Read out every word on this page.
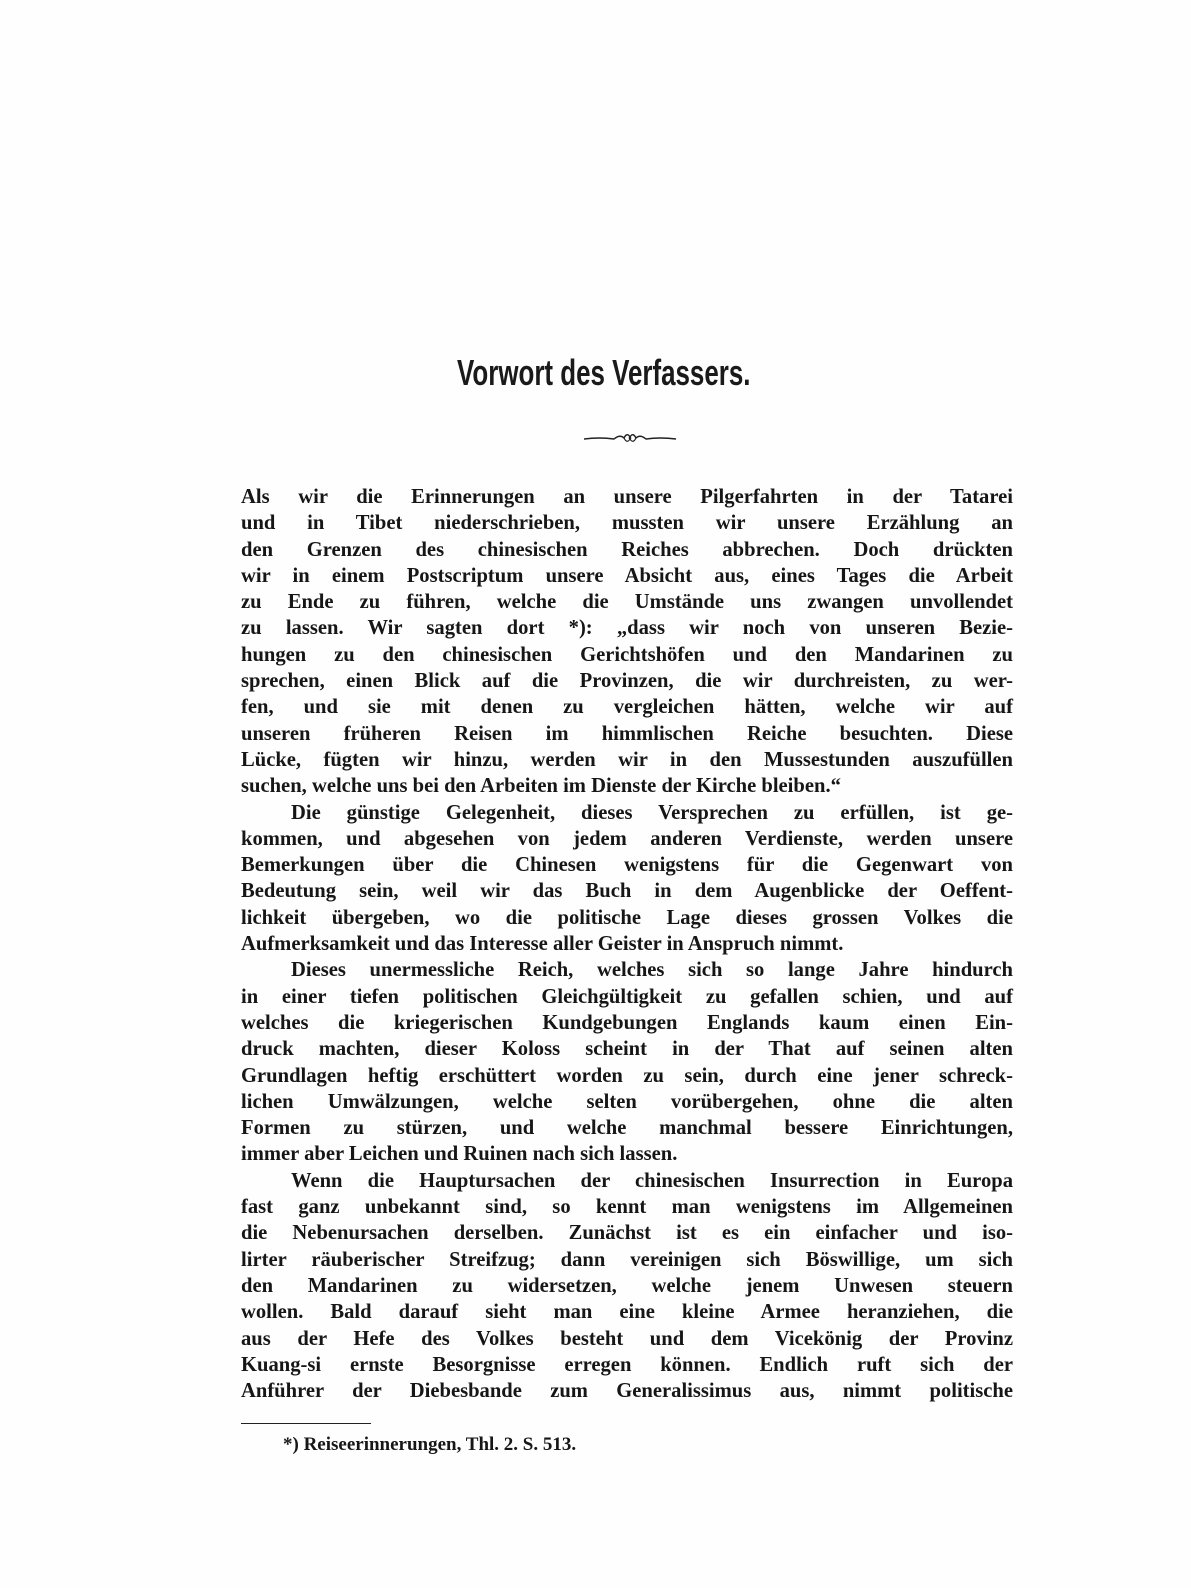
Vorwort des Verfassers.

Als wir die Erinnerungen an unsere Pilgerfahrten in der Tatarei
und in Tibet niederschrieben, mussten wir unsere Erzählung an
den Grenzen des chinesischen Reiches abbrechen. Doch drückten
wir in einem Postscriptum unsere Absicht aus, eines Tages die Arbeit
zu Ende zu führen, welche die Umstände uns zwangen unvollendet
zu lassen. Wir sagten dort *): „dass wir noch von unseren Bezie-
hungen zu den chinesischen Gerichtshöfen und den Mandarinen zu
sprechen, einen Blick auf die Provinzen, die wir durchreisten, zu wer-
fen, und sie mit denen zu vergleichen hätten, welche wir auf
unseren früheren Reisen im himmlischen Reiche besuchten. Diese
Lücke, fügten wir hinzu, werden wir in den Mussestunden auszufüllen
suchen, welche uns bei den Arbeiten im Dienste der Kirche bleiben.“

Die günstige Gelegenheit, dieses Versprechen zu erfüllen, ist ge-
kommen, und abgesehen von jedem anderen Verdienste, werden unsere
Bemerkungen über die Chinesen wenigstens für die Gegenwart von
Bedeutung sein, weil wir das Buch in dem Augenblicke der Oeffent-
lichkeit übergeben, wo die politische Lage dieses grossen Volkes die
Aufmerksamkeit und das Interesse aller Geister in Anspruch nimmt.

Dieses unermessliche Reich, welches sich so lange Jahre hindurch
in einer tiefen politischen Gleichgültigkeit zu gefallen schien, und auf
welches die kriegerischen Kundgebungen Englands kaum einen Ein-
druck machten, dieser Koloss scheint in der That auf seinen alten
Grundlagen heftig erschüttert worden zu sein, durch eine jener schreck-
lichen Umwälzungen, welche selten vorübergehen, ohne die alten
Formen zu stürzen, und welche manchmal bessere Einrichtungen,
immer aber Leichen und Ruinen nach sich lassen.

Wenn die Hauptursachen der chinesischen Insurrection in Europa
fast ganz unbekannt sind, so kennt man wenigstens im Allgemeinen
die Nebenursachen derselben. Zunächst ist es ein einfacher und iso-
lirter räuberischer Streifzug; dann vereinigen sich Böswillige, um sich
den Mandarinen zu widersetzen, welche jenem Unwesen steuern
wollen. Bald darauf sieht man eine kleine Armee heranziehen, die
aus der Hefe des Volkes besteht und dem Vicekönig der Provinz
Kuang-si ernste Besorgnisse erregen können. Endlich ruft sich der
Anführer der Diebesbande zum Generalissimus aus, nimmt politische

*) Reiseerinnerungen, Thl. 2. S. 513.
